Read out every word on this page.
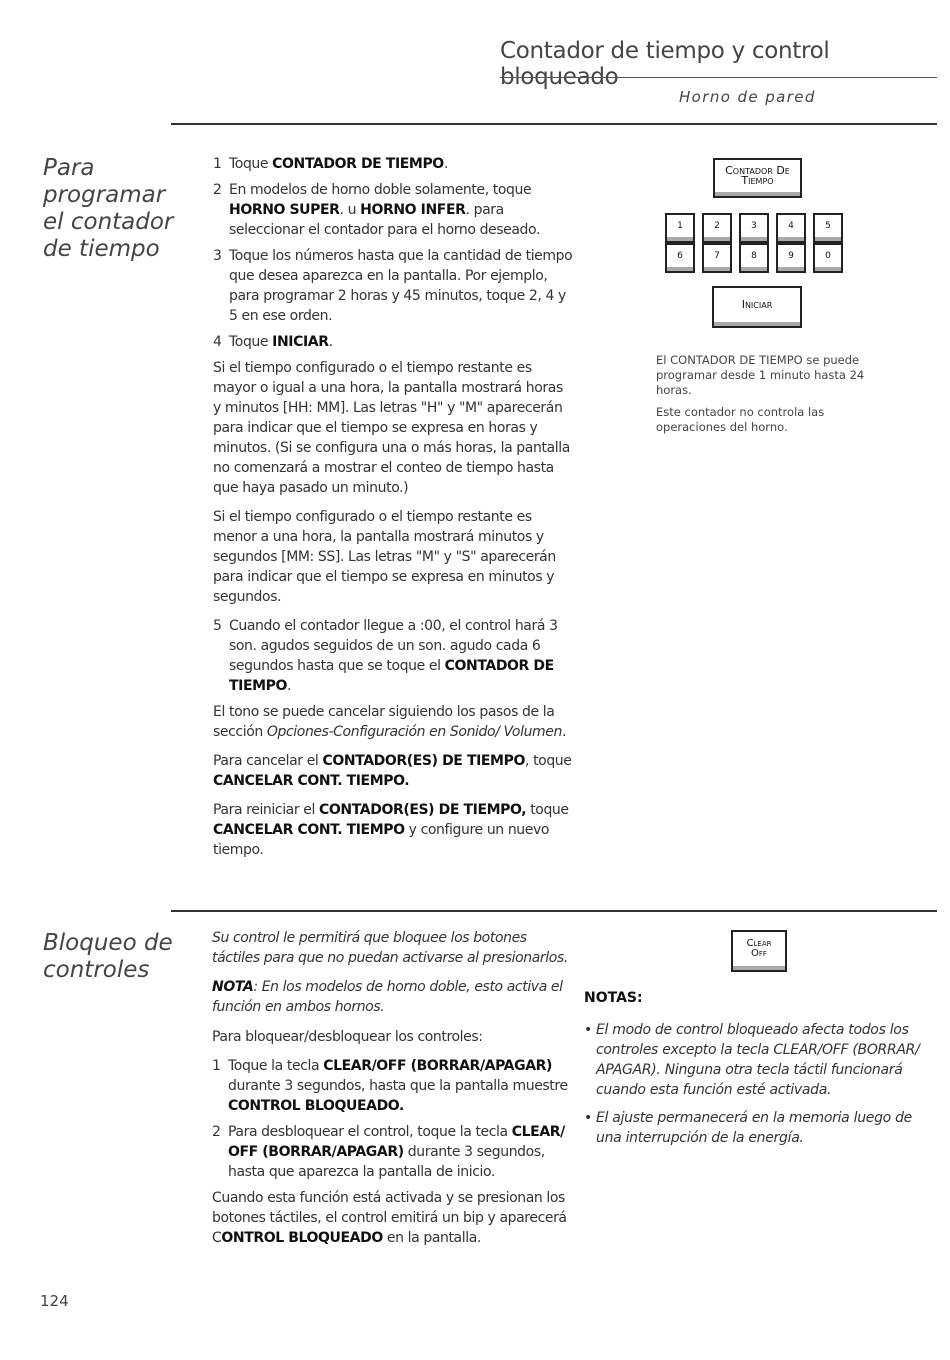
Contador de tiempo y control bloqueado
Horno de pared
Para
programar
el contador
de tiempo
1 Toque CONTADOR DE TIEMPO.
2 En modelos de horno doble solamente, toque HORNO SUPER. u HORNO INFER. para seleccionar el contador para el horno deseado.
3 Toque los números hasta que la cantidad de tiempo que desea aparezca en la pantalla. Por ejemplo, para programar 2 horas y 45 minutos, toque 2, 4 y 5 en ese orden.
4 Toque INICIAR.

Si el tiempo configurado o el tiempo restante es mayor o igual a una hora, la pantalla mostrará horas y minutos [HH: MM]. Las letras "H" y "M" aparecerán para indicar que el tiempo se expresa en horas y minutos. (Si se configura una o más horas, la pantalla no comenzará a mostrar el conteo de tiempo hasta que haya pasado un minuto.)

Si el tiempo configurado o el tiempo restante es menor a una hora, la pantalla mostrará minutos y segundos [MM: SS]. Las letras "M" y "S" aparecerán para indicar que el tiempo se expresa en minutos y segundos.

5 Cuando el contador llegue a :00, el control hará 3 son. agudos seguidos de un son. agudo cada 6 segundos hasta que se toque el CONTADOR DE TIEMPO.

El tono se puede cancelar siguiendo los pasos de la sección Opciones-Configuración en Sonido/ Volumen.

Para cancelar el CONTADOR(ES) DE TIEMPO, toque CANCELAR CONT. TIEMPO.

Para reiniciar el CONTADOR(ES) DE TIEMPO, toque CANCELAR CONT. TIEMPO y configure un nuevo tiempo.

Contador De
Tiempo
1	2	3	4	5
6	7	8	9	0
Iniciar
El CONTADOR DE TIEMPO se puede programar desde 1 minuto hasta 24 horas.
Este contador no controla las operaciones del horno.
Bloqueo de
controles

Su control le permitirá que bloquee los botones táctiles para que no puedan activarse al presionarlos.

NOTA: En los modelos de horno doble, esto activa el función en ambos hornos.

Para bloquear/desbloquear los controles:

1 Toque la tecla CLEAR/OFF (BORRAR/APAGAR) durante 3 segundos, hasta que la pantalla muestre CONTROL BLOQUEADO.
2 Para desbloquear el control, toque la tecla CLEAR/ OFF (BORRAR/APAGAR) durante 3 segundos, hasta que aparezca la pantalla de inicio.

Cuando esta función está activada y se presionan los botones táctiles, el control emitirá un bip y aparecerá CONTROL BLOQUEADO en la pantalla.

Clear
Off
NOTAS:
• El modo de control bloqueado afecta todos los controles excepto la tecla CLEAR/OFF (BORRAR/ APAGAR). Ninguna otra tecla táctil funcionará cuando esta función esté activada.
• El ajuste permanecerá en la memoria luego de una interrupción de la energía.
124
